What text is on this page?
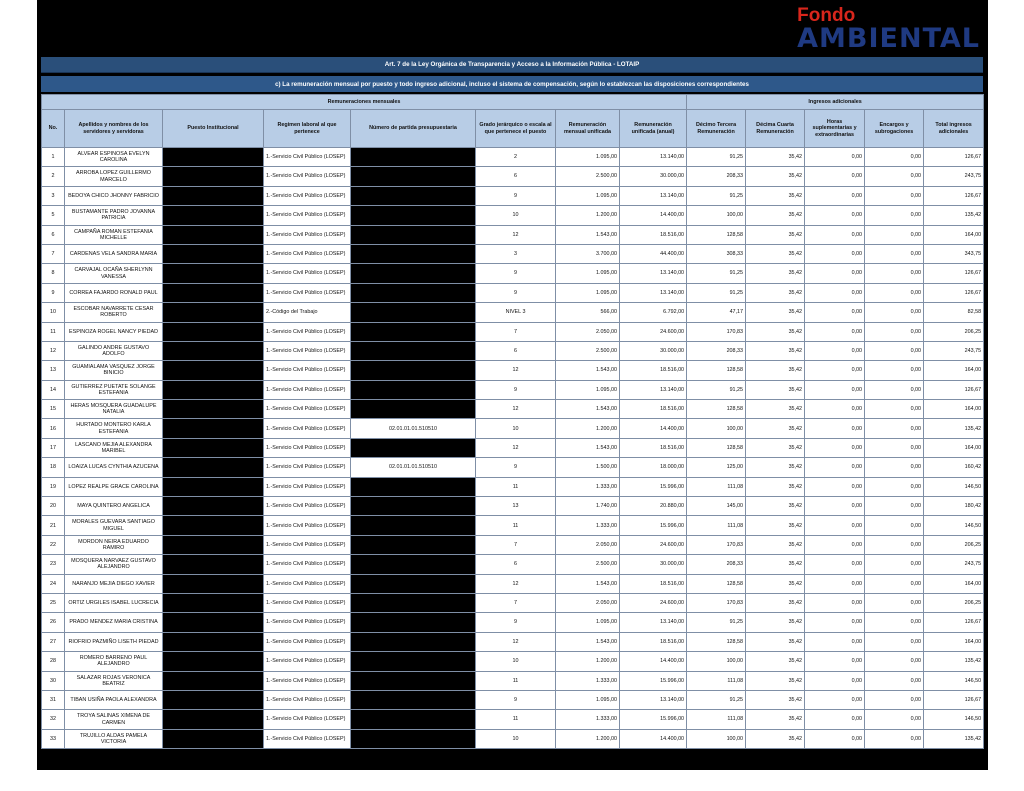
Fondo
AMBIENTAL
Art. 7 de la Ley Orgánica de Transparencia y Acceso a la Información Pública - LOTAIP
c) La remuneración mensual por puesto y todo ingreso adicional, incluso el sistema de compensación, según lo establezcan las disposiciones correspondientes
Remuneraciones mensuales								Ingresos adicionales				
No.	Apellidos y nombres de los servidores y servidoras	Puesto Institucional	Regimen laboral al que pertenece	Número de partida presupuestaria	Grado jerárquico o escala al que pertenece el puesto	Remuneración mensual unificada	Remuneración unificada (anual)	Décimo Tercera Remuneración	Décima Cuarta Remuneración	Horas suplementarias y extraordinarias	Encargos y subrogaciones	Total ingresos adicionales
1	ALVEAR ESPINOSA EVELYN CAROLINA		1.-Servicio Civil Público (LOSEP)		2	1.095,00	13.140,00	91,25	35,42	0,00	0,00	126,67
2	ARROBA LOPEZ GUILLERMO MARCELO		1.-Servicio Civil Público (LOSEP)		6	2.500,00	30.000,00	208,33	35,42	0,00	0,00	243,75
3	BEDOYA CHICO JHONNY FABRICIO		1.-Servicio Civil Público (LOSEP)		9	1.095,00	13.140,00	91,25	35,42	0,00	0,00	126,67
5	BUSTAMANTE PADRO JOVANNA PATRICIA		1.-Servicio Civil Público (LOSEP)		10	1.200,00	14.400,00	100,00	35,42	0,00	0,00	135,42
6	CAMPAÑA ROMAN ESTEFANIA MICHELLE		1.-Servicio Civil Público (LOSEP)		12	1.543,00	18.516,00	128,58	35,42	0,00	0,00	164,00
7	CARDENAS VELA SANDRA MARIA		1.-Servicio Civil Público (LOSEP)		3	3.700,00	44.400,00	308,33	35,42	0,00	0,00	343,75
8	CARVAJAL OCAÑA SHERLYNN VANESSA		1.-Servicio Civil Público (LOSEP)		9	1.095,00	13.140,00	91,25	35,42	0,00	0,00	126,67
9	CORREA FAJARDO RONALD PAUL		1.-Servicio Civil Público (LOSEP)		9	1.095,00	13.140,00	91,25	35,42	0,00	0,00	126,67
10	ESCOBAR NAVARRETE CESAR ROBERTO		2.-Código del Trabajo		NIVEL 3	566,00	6.792,00	47,17	35,42	0,00	0,00	82,58
11	ESPINOZA ROGEL NANCY PIEDAD		1.-Servicio Civil Público (LOSEP)		7	2.050,00	24.600,00	170,83	35,42	0,00	0,00	206,25
12	GALINDO ANDRE GUSTAVO ADOLFO		1.-Servicio Civil Público (LOSEP)		6	2.500,00	30.000,00	208,33	35,42	0,00	0,00	243,75
13	GUAMIALAMA VASQUEZ JORGE BINICIO		1.-Servicio Civil Público (LOSEP)		12	1.543,00	18.516,00	128,58	35,42	0,00	0,00	164,00
14	GUTIERREZ PUETATE SOLANGE ESTEFANIA		1.-Servicio Civil Público (LOSEP)		9	1.095,00	13.140,00	91,25	35,42	0,00	0,00	126,67
15	HERAS MOSQUERA GUADALUPE NATALIA		1.-Servicio Civil Público (LOSEP)		12	1.543,00	18.516,00	128,58	35,42	0,00	0,00	164,00
16	HURTADO MONTERO KARLA ESTEFANIA		1.-Servicio Civil Público (LOSEP)	02.01.01.01.510510	10	1.200,00	14.400,00	100,00	35,42	0,00	0,00	135,42
17	LASCANO MEJIA ALEXANDRA MARIBEL		1.-Servicio Civil Público (LOSEP)		12	1.543,00	18.516,00	128,58	35,42	0,00	0,00	164,00
18	LOAIZA LUCAS CYNTHIA AZUCENA		1.-Servicio Civil Público (LOSEP)	02.01.01.01.510510	9	1.500,00	18.000,00	125,00	35,42	0,00	0,00	160,42
19	LOPEZ REALPE GRACE CAROLINA		1.-Servicio Civil Público (LOSEP)		11	1.333,00	15.996,00	111,08	35,42	0,00	0,00	146,50
20	MAYA QUINTERO ANGELICA		1.-Servicio Civil Público (LOSEP)		13	1.740,00	20.880,00	145,00	35,42	0,00	0,00	180,42
21	MORALES GUEVARA SANTIAGO MIGUEL		1.-Servicio Civil Público (LOSEP)		11	1.333,00	15.996,00	111,08	35,42	0,00	0,00	146,50
22	MORDON NEIRA EDUARDO RAMIRO		1.-Servicio Civil Público (LOSEP)		7	2.050,00	24.600,00	170,83	35,42	0,00	0,00	206,25
23	MOSQUERA NARVAEZ GUSTAVO ALEJANDRO		1.-Servicio Civil Público (LOSEP)		6	2.500,00	30.000,00	208,33	35,42	0,00	0,00	243,75
24	NARANJO MEJIA DIEGO XAVIER		1.-Servicio Civil Público (LOSEP)		12	1.543,00	18.516,00	128,58	35,42	0,00	0,00	164,00
25	ORTIZ URGILES ISABEL LUCRECIA		1.-Servicio Civil Público (LOSEP)		7	2.050,00	24.600,00	170,83	35,42	0,00	0,00	206,25
26	PRADO MENDEZ MARIA CRISTINA		1.-Servicio Civil Público (LOSEP)		9	1.095,00	13.140,00	91,25	35,42	0,00	0,00	126,67
27	RIOFRIO PAZMIÑO LISETH PIEDAD		1.-Servicio Civil Público (LOSEP)		12	1.543,00	18.516,00	128,58	35,42	0,00	0,00	164,00
28	ROMERO BARRENO PAUL ALEJANDRO		1.-Servicio Civil Público (LOSEP)		10	1.200,00	14.400,00	100,00	35,42	0,00	0,00	135,42
30	SALAZAR ROJAS VERONICA BEATRIZ		1.-Servicio Civil Público (LOSEP)		11	1.333,00	15.996,00	111,08	35,42	0,00	0,00	146,50
31	TIBAN USIÑA PAOLA ALEXANDRA		1.-Servicio Civil Público (LOSEP)		9	1.095,00	13.140,00	91,25	35,42	0,00	0,00	126,67
32	TROYA SALINAS XIMENA DE CARMEN		1.-Servicio Civil Público (LOSEP)		11	1.333,00	15.996,00	111,08	35,42	0,00	0,00	146,50
33	TRUJILLO ALDAS PAMELA VICTORIA		1.-Servicio Civil Público (LOSEP)		10	1.200,00	14.400,00	100,00	35,42	0,00	0,00	135,42
